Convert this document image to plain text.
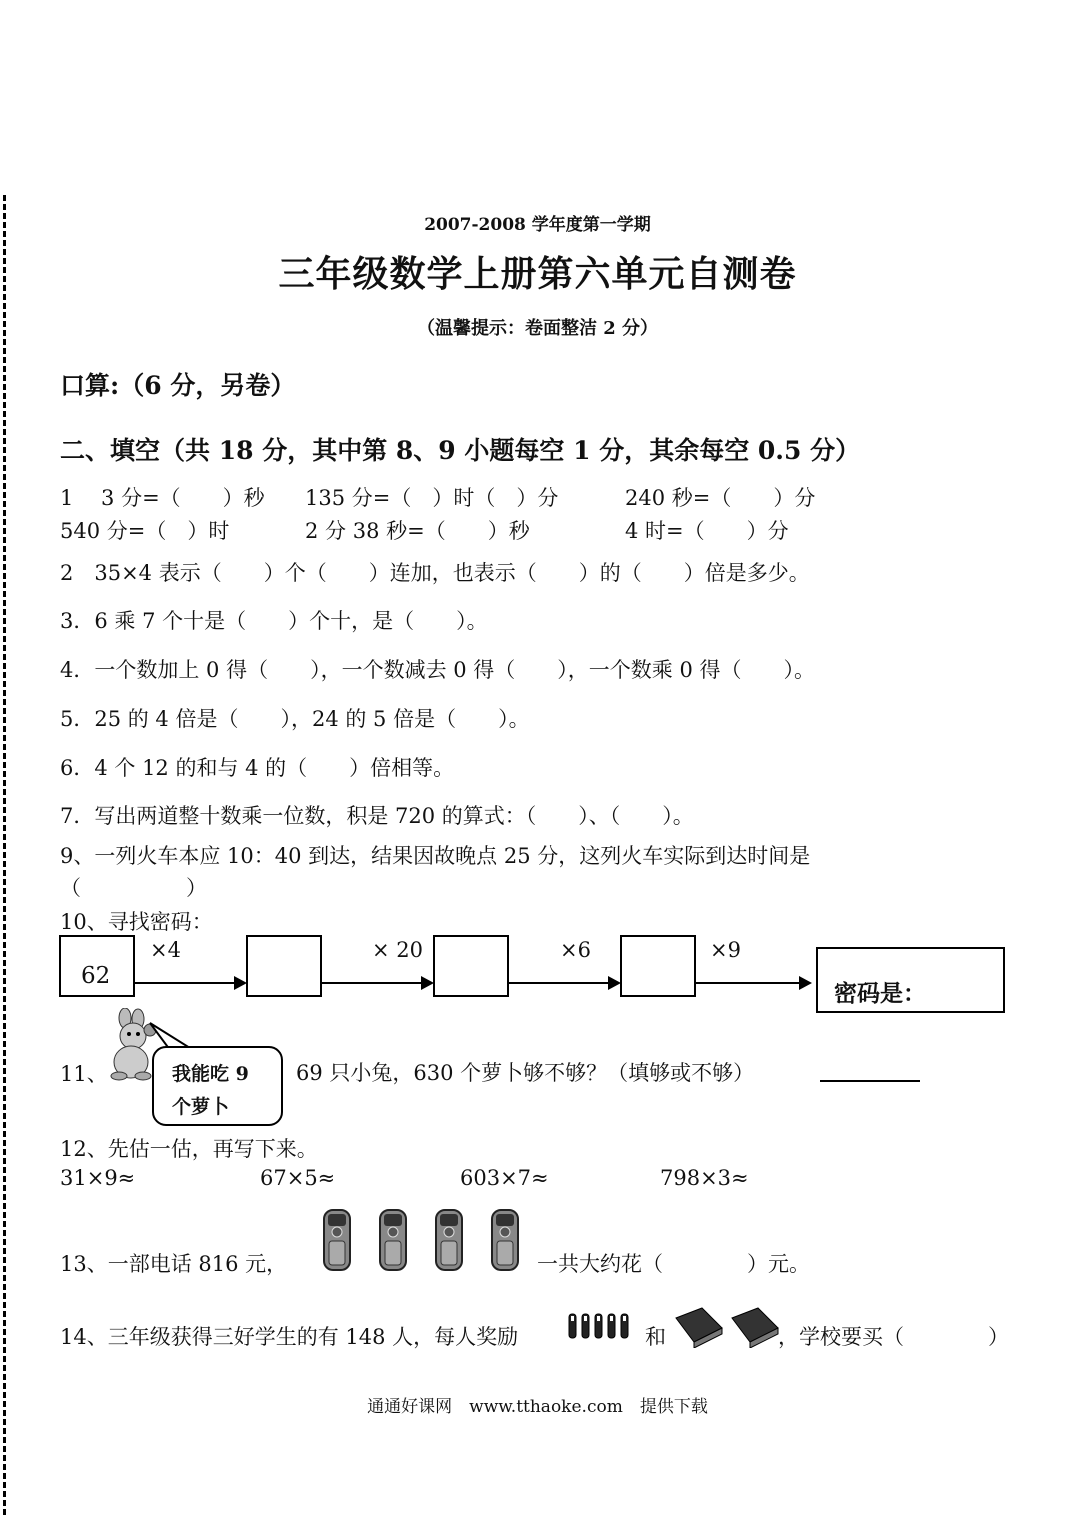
2007-2008 学年度第一学期
三年级数学上册第六单元自测卷
（温馨提示：卷面整洁 2 分）
口算:（6 分，另卷）
二、填空（共 18 分，其中第 8、9 小题每空 1 分，其余每空 0.5 分）
1　 3 分=（　　）秒 135 分=（　）时（　）分	240 秒=（　　）分
540 分=（　）时	2 分 38 秒=（　　）秒	4 时=（　　）分
2　35×4 表示（　　）个（　　）连加，也表示（　　）的（　　）倍是多少。
3．6 乘 7 个十是（　　）个十，是（　　）。
4．一个数加上 0 得（　　），一个数减去 0 得（　　），一个数乘 0 得（　　）。
5．25 的 4 倍是（　　），24 的 5 倍是（　　）。
6．4 个 12 的和与 4 的（　　）倍相等。
7．写出两道整十数乘一位数，积是 720 的算式：（　　）、（　　）。
9、一列火车本应 10：40 到达，结果因故晚点 25 分，这列火车实际到达时间是
（　　　　　）
10、寻找密码：
62
×4	× 20	×6	×9
密码是：
11、	我能吃 9
个萝卜
69 只小兔，630 个萝卜够不够？（填够或不够）
12、先估一估，再写下来。
31×9≈	67×5≈	603×7≈	798×3≈
13、一部电话 816 元，	一共大约花（　　　　）元。
14、三年级获得三好学生的有 148 人，每人奖励	和	，学校要买（　　　　）
通通好课网　www.tthaoke.com　提供下载
